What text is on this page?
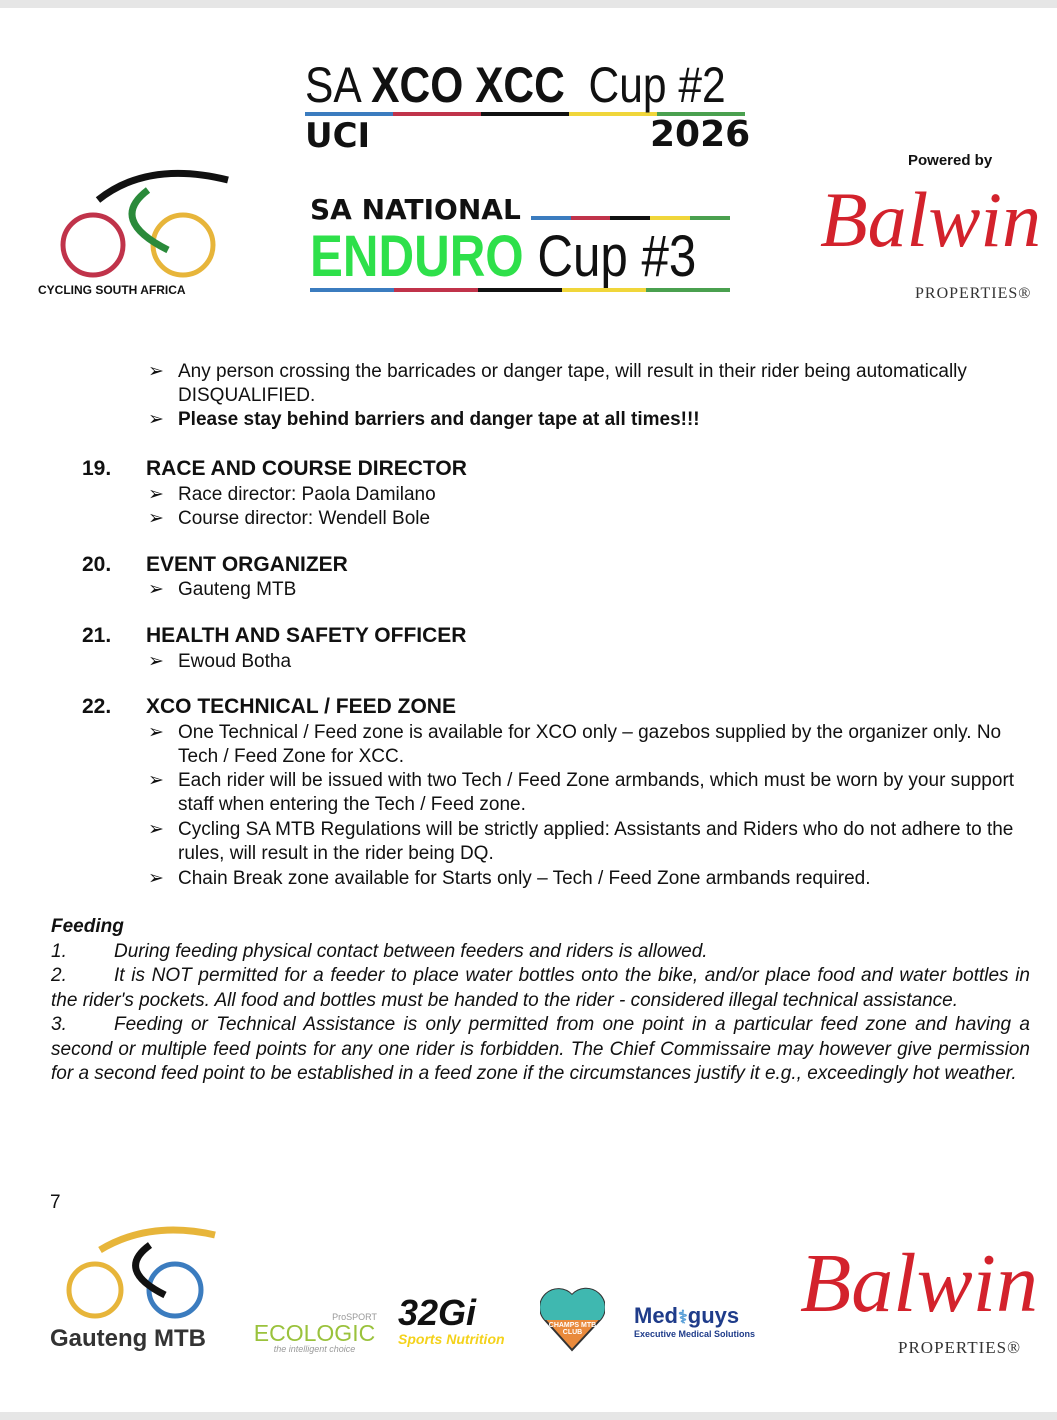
SA XCO XCC Cup #2
UCI	2026
SA NATIONAL
ENDURO Cup #3
CYCLING SOUTH AFRICA
Powered by
Balwin
PROPERTIES®
➢ Any person crossing the barricades or danger tape, will result in their rider being automatically DISQUALIFIED.
➢ Please stay behind barriers and danger tape at all times!!!
19. RACE AND COURSE DIRECTOR
➢ Race director: Paola Damilano
➢ Course director: Wendell Bole
20. EVENT ORGANIZER
➢ Gauteng MTB
21. HEALTH AND SAFETY OFFICER
➢ Ewoud Botha
22. XCO TECHNICAL / FEED ZONE
➢ One Technical / Feed zone is available for XCO only – gazebos supplied by the organizer only. No Tech / Feed Zone for XCC.
➢ Each rider will be issued with two Tech / Feed Zone armbands, which must be worn by your support staff when entering the Tech / Feed zone.
➢ Cycling SA MTB Regulations will be strictly applied: Assistants and Riders who do not adhere to the rules, will result in the rider being DQ.
➢ Chain Break zone available for Starts only – Tech / Feed Zone armbands required.

Feeding

1. During feeding physical contact between feeders and riders is allowed.

2. It is NOT permitted for a feeder to place water bottles onto the bike, and/or place food and water bottles in the rider's pockets. All food and bottles must be handed to the rider - considered illegal technical assistance.

3. Feeding or Technical Assistance is only permitted from one point in a particular feed zone and having a second or multiple feed points for any one rider is forbidden. The Chief Commissaire may however give permission for a second feed point to be established in a feed zone if the circumstances justify it e.g., exceedingly hot weather.

7
Gauteng MTB
ProSPORT
ECOLOGIC
the intelligent choice
32Gi
Sports Nutrition
CHAMPS MTB CLUB
Med⚕guys
Executive Medical Solutions
Balwin
PROPERTIES®
